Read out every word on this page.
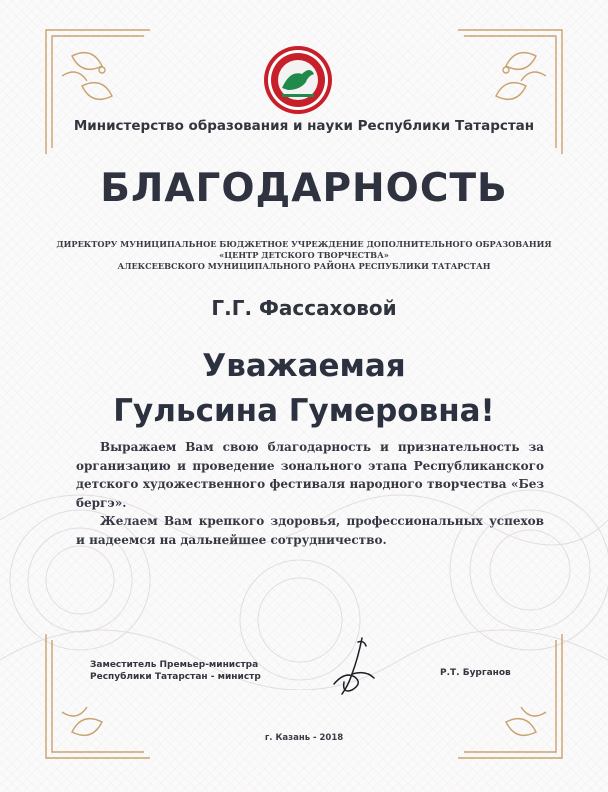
Министерство образования и науки Республики Татарстан
БЛАГОДАРНОСТЬ
ДИРЕКТОРУ МУНИЦИПАЛЬНОЕ БЮДЖЕТНОЕ УЧРЕЖДЕНИЕ ДОПОЛНИТЕЛЬНОГО ОБРАЗОВАНИЯ
«ЦЕНТР ДЕТСКОГО ТВОРЧЕСТВА»
АЛЕКСЕЕВСКОГО МУНИЦИПАЛЬНОГО РАЙОНА РЕСПУБЛИКИ ТАТАРСТАН
Г.Г. Фассаховой
Уважаемая
Гульсина Гумеровна!

Выражаем Вам свою благодарность и признательность за организацию и проведение зонального этапа Республиканского детского художественного фестиваля народного творчества «Без бергэ».

Желаем Вам крепкого здоровья, профессиональных успехов и надеемся на дальнейшее сотрудничество.

Заместитель Премьер-министра
Республики Татарстан - министр	Р.Т. Бурганов
г. Казань - 2018
